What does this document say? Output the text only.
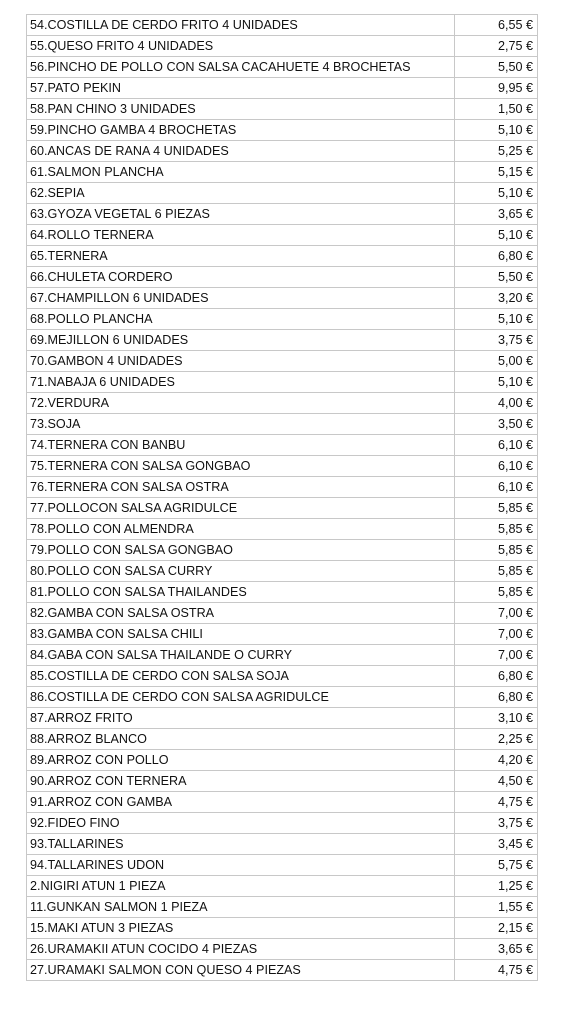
54.COSTILLA DE CERDO FRITO 4 UNIDADES	6,55 €
55.QUESO FRITO 4 UNIDADES	2,75 €
56.PINCHO DE POLLO CON SALSA CACAHUETE 4 BROCHETAS	5,50 €
57.PATO PEKIN	9,95 €
58.PAN CHINO 3 UNIDADES	1,50 €
59.PINCHO GAMBA 4 BROCHETAS	5,10 €
60.ANCAS DE RANA 4 UNIDADES	5,25 €
61.SALMON PLANCHA	5,15 €
62.SEPIA	5,10 €
63.GYOZA VEGETAL 6 PIEZAS	3,65 €
64.ROLLO TERNERA	5,10 €
65.TERNERA	6,80 €
66.CHULETA CORDERO	5,50 €
67.CHAMPILLON 6 UNIDADES	3,20 €
68.POLLO PLANCHA	5,10 €
69.MEJILLON 6 UNIDADES	3,75 €
70.GAMBON 4 UNIDADES	5,00 €
71.NABAJA 6 UNIDADES	5,10 €
72.VERDURA	4,00 €
73.SOJA	3,50 €
74.TERNERA CON BANBU	6,10 €
75.TERNERA CON SALSA GONGBAO	6,10 €
76.TERNERA CON SALSA OSTRA	6,10 €
77.POLLOCON SALSA AGRIDULCE	5,85 €
78.POLLO CON ALMENDRA	5,85 €
79.POLLO CON SALSA GONGBAO	5,85 €
80.POLLO CON SALSA CURRY	5,85 €
81.POLLO CON SALSA THAILANDES	5,85 €
82.GAMBA CON SALSA OSTRA	7,00 €
83.GAMBA CON SALSA CHILI	7,00 €
84.GABA CON SALSA THAILANDE O CURRY	7,00 €
85.COSTILLA DE CERDO CON SALSA SOJA	6,80 €
86.COSTILLA DE CERDO CON SALSA AGRIDULCE	6,80 €
87.ARROZ FRITO	3,10 €
88.ARROZ BLANCO	2,25 €
89.ARROZ CON POLLO	4,20 €
90.ARROZ CON TERNERA	4,50 €
91.ARROZ CON GAMBA	4,75 €
92.FIDEO FINO	3,75 €
93.TALLARINES	3,45 €
94.TALLARINES UDON	5,75 €
2.NIGIRI ATUN 1 PIEZA	1,25 €
11.GUNKAN SALMON 1 PIEZA	1,55 €
15.MAKI ATUN 3 PIEZAS	2,15 €
26.URAMAKII ATUN COCIDO 4 PIEZAS	3,65 €
27.URAMAKI SALMON CON QUESO 4 PIEZAS	4,75 €
